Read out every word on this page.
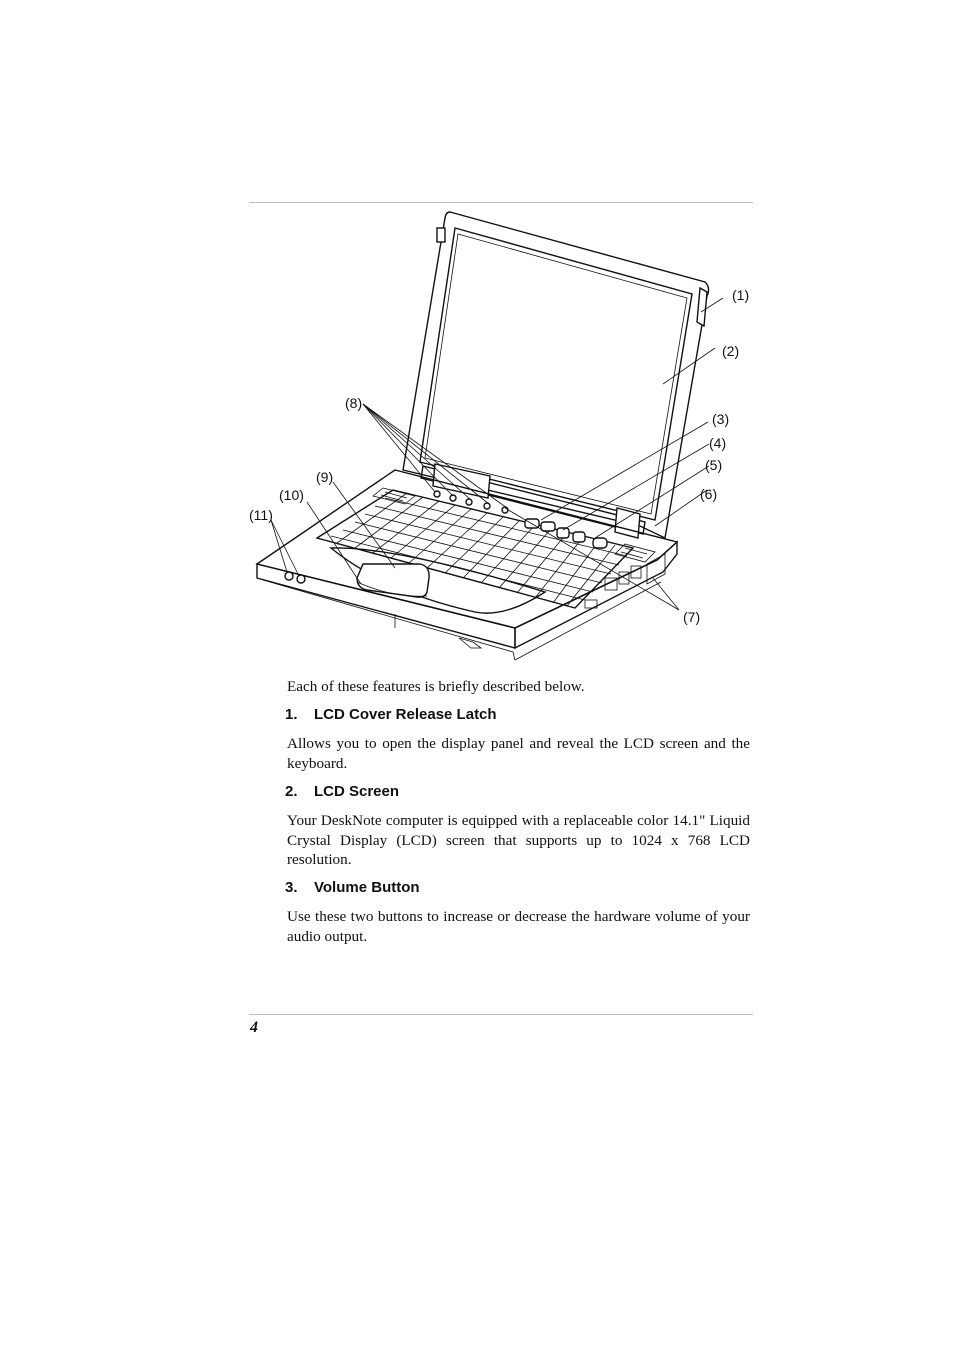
(1)
(2)
(3)
(4)
(5)
(6)
(7)
(8)
(9)
(10)
(11)
Each of these features is briefly described below.
1. LCD Cover Release Latch
Allows you to open the display panel and reveal the LCD screen and the keyboard.
2. LCD Screen
Your DeskNote computer is equipped with a replaceable color 14.1" Liquid Crystal Display (LCD) screen that supports up to 1024 x 768 LCD resolution.
3. Volume Button
Use these two buttons to increase or decrease the hardware volume of your audio output.
4
